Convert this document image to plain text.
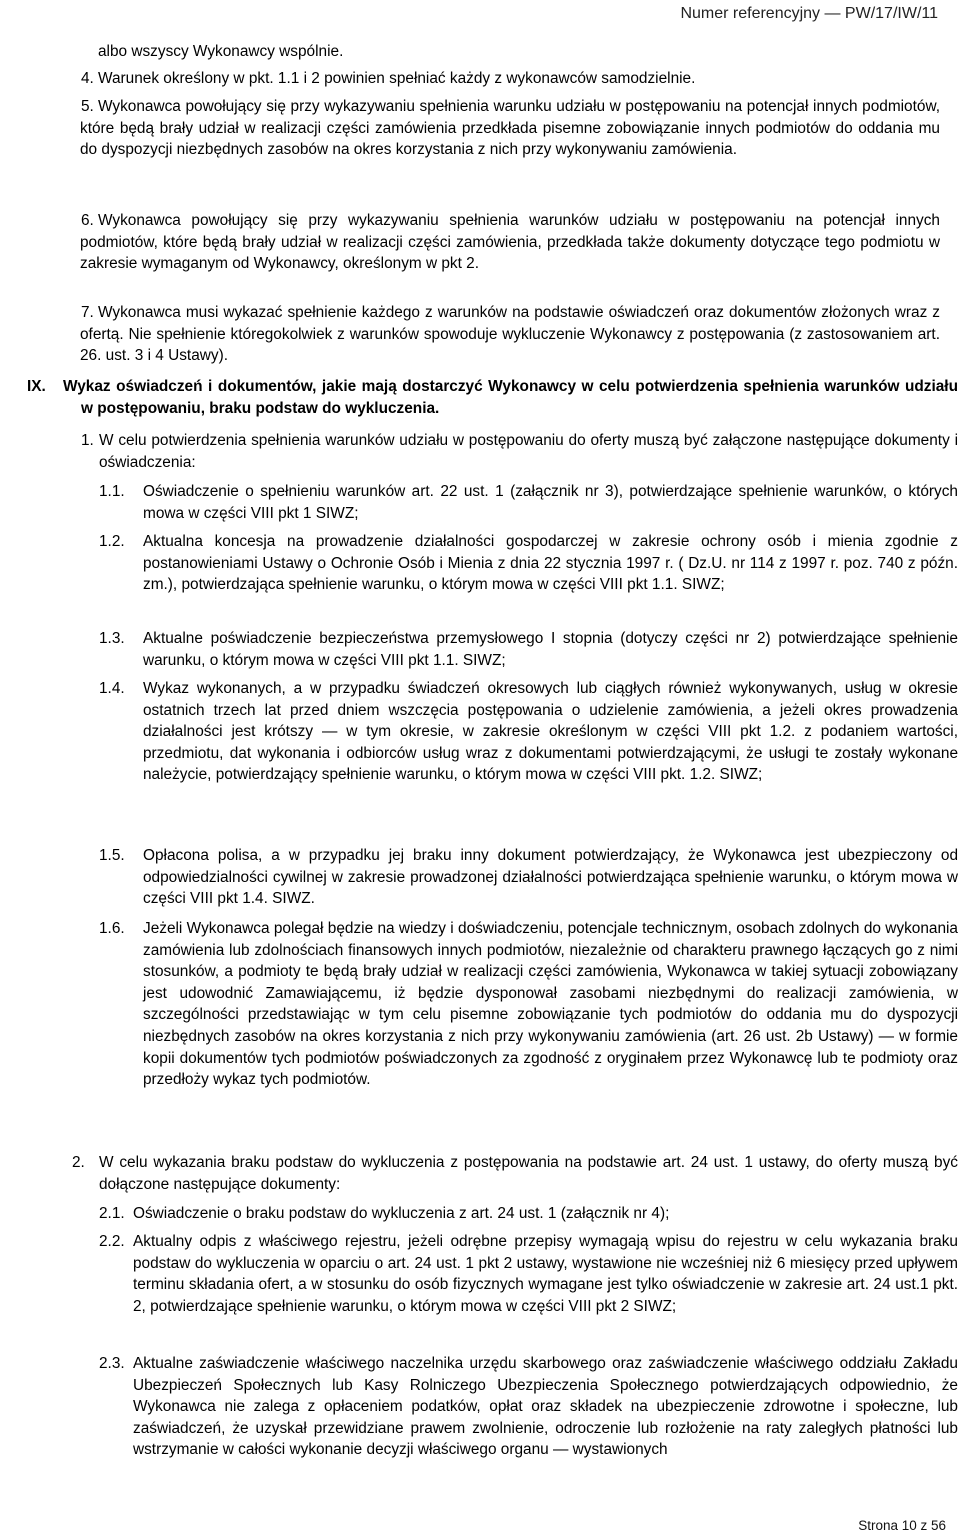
Numer referencyjny — PW/17/IW/11
albo wszyscy Wykonawcy wspólnie.
4. Warunek określony w pkt. 1.1 i 2 powinien spełniać każdy z wykonawców samodzielnie.
5. Wykonawca powołujący się przy wykazywaniu spełnienia warunku udziału w postępowaniu na potencjał innych podmiotów, które będą brały udział w realizacji części zamówienia przedkłada pisemne zobowiązanie innych podmiotów do oddania mu do dyspozycji niezbędnych zasobów na okres korzystania z nich przy wykonywaniu zamówienia.
6. Wykonawca powołujący się przy wykazywaniu spełnienia warunków udziału w postępowaniu na potencjał innych podmiotów, które będą brały udział w realizacji części zamówienia, przedkłada także dokumenty dotyczące tego podmiotu w zakresie wymaganym od Wykonawcy, określonym w pkt 2.
7. Wykonawca musi wykazać spełnienie każdego z warunków na podstawie oświadczeń oraz dokumentów złożonych wraz z ofertą. Nie spełnienie któregokolwiek z warunków spowoduje wykluczenie Wykonawcy z postępowania (z zastosowaniem art. 26. ust. 3 i 4 Ustawy).
IX. Wykaz oświadczeń i dokumentów, jakie mają dostarczyć Wykonawcy w celu potwierdzenia spełnienia warunków udziału w postępowaniu, braku podstaw do wykluczenia.
1. W celu potwierdzenia spełnienia warunków udziału w postępowaniu do oferty muszą być załączone następujące dokumenty i oświadczenia:
1.1. Oświadczenie o spełnieniu warunków art. 22 ust. 1 (załącznik nr 3), potwierdzające spełnienie warunków, o których mowa w części VIII pkt 1 SIWZ;
1.2. Aktualna koncesja na prowadzenie działalności gospodarczej w zakresie ochrony osób i mienia zgodnie z postanowieniami Ustawy o Ochronie Osób i Mienia z dnia 22 stycznia 1997 r. ( Dz.U. nr 114 z 1997 r. poz. 740 z późn. zm.), potwierdzająca spełnienie warunku, o którym mowa w części VIII pkt 1.1. SIWZ;
1.3. Aktualne poświadczenie bezpieczeństwa przemysłowego I stopnia (dotyczy części nr 2) potwierdzające spełnienie warunku, o którym mowa w części VIII pkt 1.1. SIWZ;
1.4. Wykaz wykonanych, a w przypadku świadczeń okresowych lub ciągłych również wykonywanych, usług w okresie ostatnich trzech lat przed dniem wszczęcia postępowania o udzielenie zamówienia, a jeżeli okres prowadzenia działalności jest krótszy — w tym okresie, w zakresie określonym w części VIII pkt 1.2. z podaniem wartości, przedmiotu, dat wykonania i odbiorców usług wraz z dokumentami potwierdzającymi, że usługi te zostały wykonane należycie, potwierdzający spełnienie warunku, o którym mowa w części VIII pkt. 1.2. SIWZ;
1.5. Opłacona polisa, a w przypadku jej braku inny dokument potwierdzający, że Wykonawca jest ubezpieczony od odpowiedzialności cywilnej w zakresie prowadzonej działalności potwierdzająca spełnienie warunku, o którym mowa w części VIII pkt 1.4. SIWZ.
1.6. Jeżeli Wykonawca polegał będzie na wiedzy i doświadczeniu, potencjale technicznym, osobach zdolnych do wykonania zamówienia lub zdolnościach finansowych innych podmiotów, niezależnie od charakteru prawnego łączących go z nimi stosunków, a podmioty te będą brały udział w realizacji części zamówienia, Wykonawca w takiej sytuacji zobowiązany jest udowodnić Zamawiającemu, iż będzie dysponował zasobami niezbędnymi do realizacji zamówienia, w szczególności przedstawiając w tym celu pisemne zobowiązanie tych podmiotów do oddania mu do dyspozycji niezbędnych zasobów na okres korzystania z nich przy wykonywaniu zamówienia (art. 26 ust. 2b Ustawy) — w formie kopii dokumentów tych podmiotów poświadczonych za zgodność z oryginałem przez Wykonawcę lub te podmioty oraz przedłoży wykaz tych podmiotów.
2. W celu wykazania braku podstaw do wykluczenia z postępowania na podstawie art. 24 ust. 1 ustawy, do oferty muszą być dołączone następujące dokumenty:
2.1. Oświadczenie o braku podstaw do wykluczenia z art. 24 ust. 1 (załącznik nr 4);
2.2. Aktualny odpis z właściwego rejestru, jeżeli odrębne przepisy wymagają wpisu do rejestru w celu wykazania braku podstaw do wykluczenia w oparciu o art. 24 ust. 1 pkt 2 ustawy, wystawione nie wcześniej niż 6 miesięcy przed upływem terminu składania ofert, a w stosunku do osób fizycznych wymagane jest tylko oświadczenie w zakresie art. 24 ust.1 pkt. 2, potwierdzające spełnienie warunku, o którym mowa w części VIII pkt 2 SIWZ;
2.3. Aktualne zaświadczenie właściwego naczelnika urzędu skarbowego oraz zaświadczenie właściwego oddziału Zakładu Ubezpieczeń Społecznych lub Kasy Rolniczego Ubezpieczenia Społecznego potwierdzających odpowiednio, że Wykonawca nie zalega z opłaceniem podatków, opłat oraz składek na ubezpieczenie zdrowotne i społeczne, lub zaświadczeń, że uzyskał przewidziane prawem zwolnienie, odroczenie lub rozłożenie na raty zaległych płatności lub wstrzymanie w całości wykonanie decyzji właściwego organu — wystawionych
Strona 10 z 56
